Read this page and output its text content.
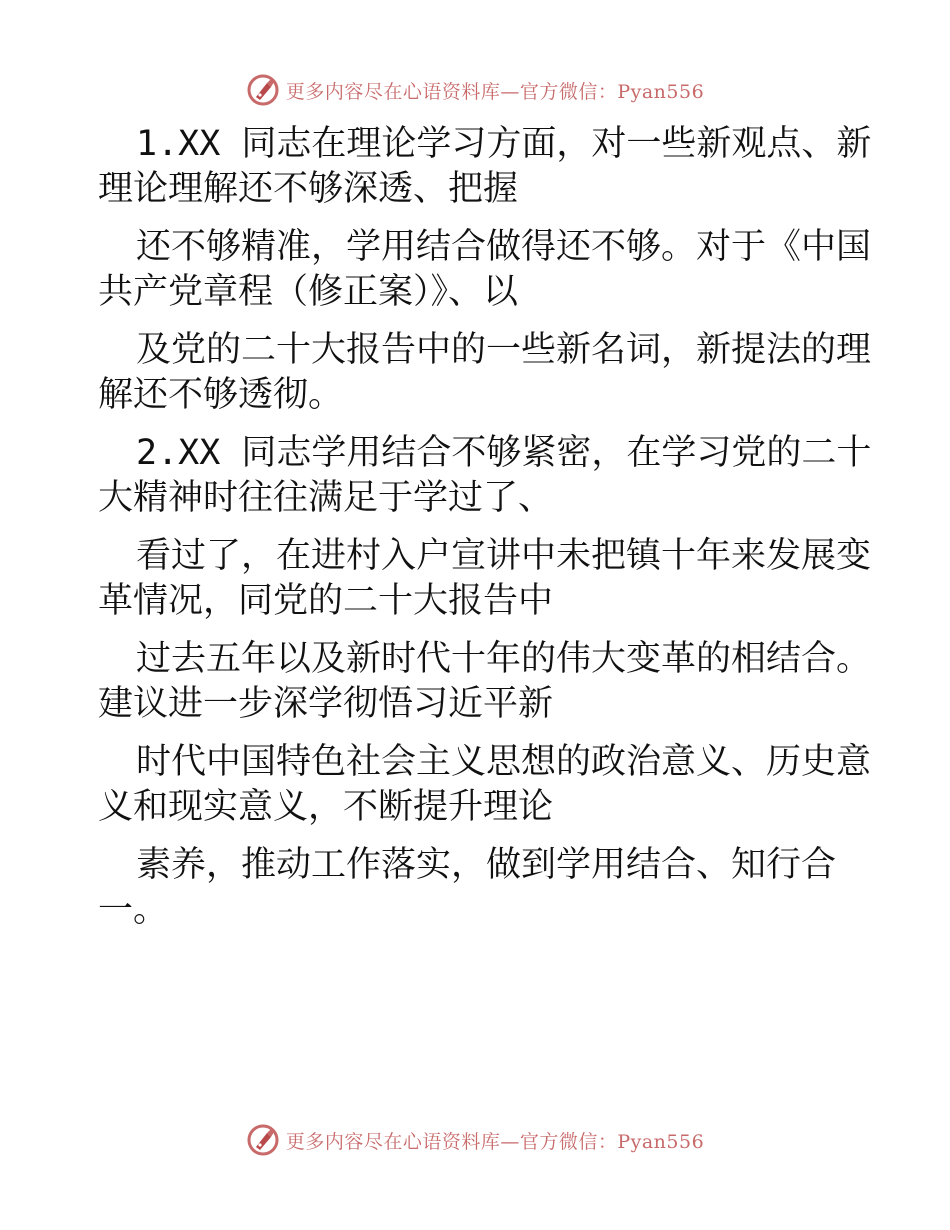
更多内容尽在心语资料库—官方微信：Pyan556
1.XX 同志在理论学习方面，对一些新观点、新
理论理解还不够深透、把握
还不够精准，学用结合做得还不够。对于《中国
共产党章程（修正案）》、以
及党的二十大报告中的一些新名词，新提法的理
解还不够透彻。
2.XX 同志学用结合不够紧密，在学习党的二十
大精神时往往满足于学过了、
看过了，在进村入户宣讲中未把镇十年来发展变
革情况，同党的二十大报告中
过去五年以及新时代十年的伟大变革的相结合。
建议进一步深学彻悟习近平新
时代中国特色社会主义思想的政治意义、历史意
义和现实意义，不断提升理论
素养，推动工作落实，做到学用结合、知行合
一。
更多内容尽在心语资料库—官方微信：Pyan556
